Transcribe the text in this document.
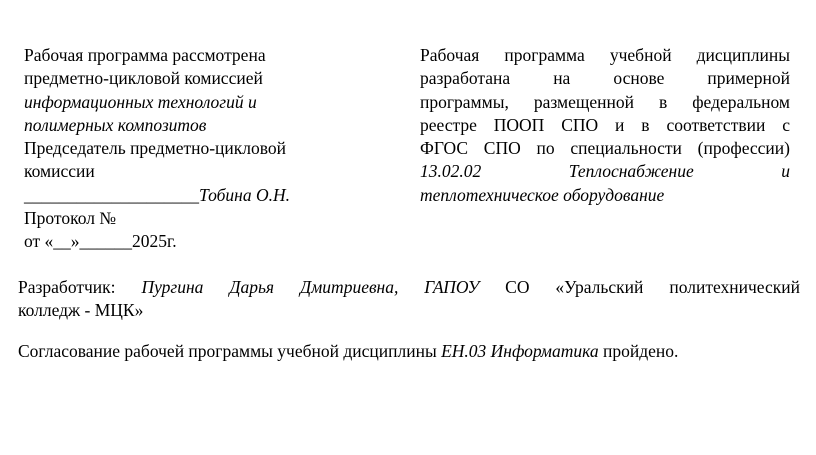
Рабочая программа рассмотрена
предметно-цикловой комиссией
информационных технологий и
полимерных композитов
Председатель предметно-цикловой
комиссии
____________________Тобина О.Н.
Протокол №
от «__»______2025г.
Рабочая программа учебной дисциплины
разработана на основе примерной
программы, размещенной в федеральном
реестре ПООП СПО и в соответствии с
ФГОС СПО по специальности (профессии)
13.02.02 Теплоснабжение и
теплотехническое оборудование
Разработчик: Пургина Дарья Дмитриевна, ГАПОУ СО «Уральский политехнический
колледж - МЦК»
Согласование рабочей программы учебной дисциплины ЕН.03 Информатика пройдено.
